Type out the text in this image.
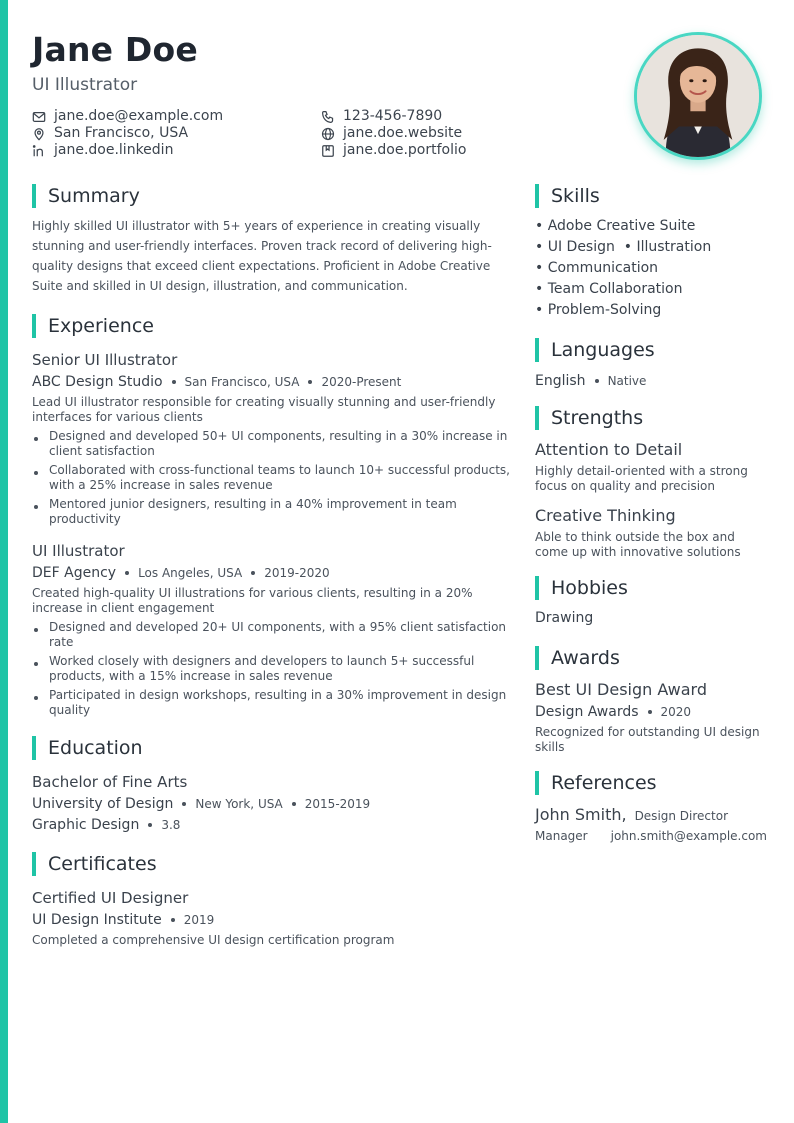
Jane Doe
UI Illustrator
jane.doe@example.com	123-456-7890
San Francisco, USA	jane.doe.website
jane.doe.linkedin	jane.doe.portfolio
Summary
Highly skilled UI illustrator with 5+ years of experience in creating visually stunning and user-friendly interfaces. Proven track record of delivering high-quality designs that exceed client expectations. Proficient in Adobe Creative Suite and skilled in UI design, illustration, and communication.
Experience
Senior UI Illustrator
ABC Design Studio San Francisco, USA 2020-Present
Lead UI illustrator responsible for creating visually stunning and user-friendly interfaces for various clients
Designed and developed 50+ UI components, resulting in a 30% increase in client satisfaction
Collaborated with cross-functional teams to launch 10+ successful products, with a 25% increase in sales revenue
Mentored junior designers, resulting in a 40% improvement in team productivity
UI Illustrator
DEF Agency Los Angeles, USA 2019-2020
Created high-quality UI illustrations for various clients, resulting in a 20% increase in client engagement
Designed and developed 20+ UI components, with a 95% client satisfaction rate
Worked closely with designers and developers to launch 5+ successful products, with a 15% increase in sales revenue
Participated in design workshops, resulting in a 30% improvement in design quality
Education
Bachelor of Fine Arts
University of Design New York, USA 2015-2019
Graphic Design 3.8
Certificates
Certified UI Designer
UI Design Institute 2019
Completed a comprehensive UI design certification program
Skills
• Adobe Creative Suite
• UI Design  • Illustration
• Communication
• Team Collaboration
• Problem-Solving
Languages
English Native
Strengths
Attention to Detail
Highly detail-oriented with a strong focus on quality and precision
Creative Thinking
Able to think outside the box and come up with innovative solutions
Hobbies
Drawing
Awards
Best UI Design Award
Design Awards 2020
Recognized for outstanding UI design skills
References
John Smith, Design Director
Manager	john.smith@example.com
